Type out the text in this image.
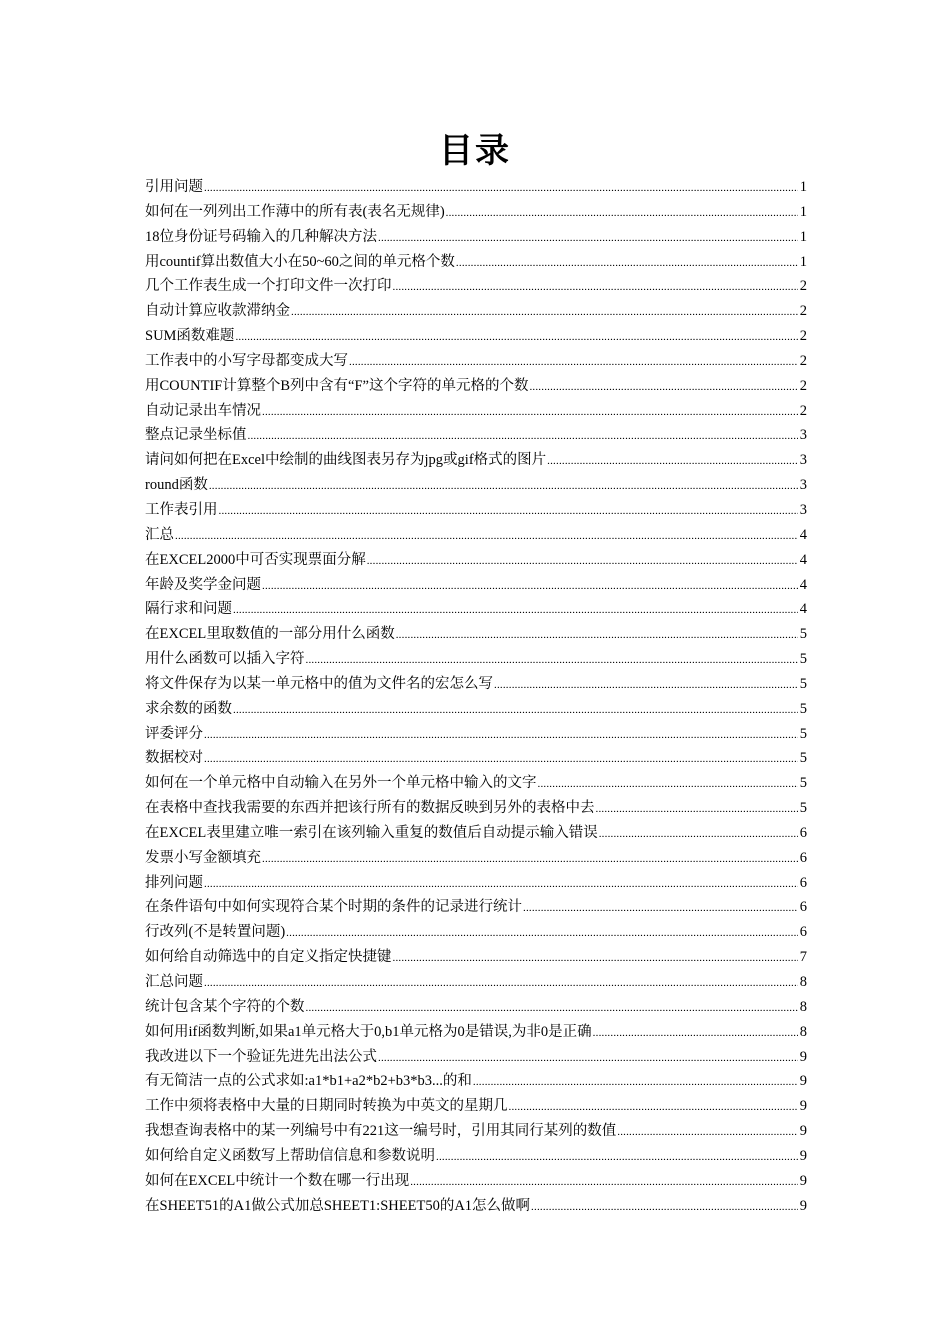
目录
引用问题 .....	1
如何在一列列出工作薄中的所有表(表名无规律) .....	1
18位身份证号码输入的几种解决方法 .....	1
用countif算出数值大小在50~60之间的单元格个数 .....	1
几个工作表生成一个打印文件一次打印 .....	2
自动计算应收款滞纳金 .....	2
SUM函数难题 .....	2
工作表中的小写字母都变成大写 .....	2
用COUNTIF计算整个B列中含有“F”这个字符的单元格的个数 .....	2
自动记录出车情况 .....	2
整点记录坐标值 .....	3
请问如何把在Excel中绘制的曲线图表另存为jpg或gif格式的图片 .....	3
round函数 .....	3
工作表引用 .....	3
汇总 .....	4
在EXCEL2000中可否实现票面分解 .....	4
年龄及奖学金问题 .....	4
隔行求和问题 .....	4
在EXCEL里取数值的一部分用什么函数 .....	5
用什么函数可以插入字符 .....	5
将文件保存为以某一单元格中的值为文件名的宏怎么写 .....	5
求余数的函数 .....	5
评委评分 .....	5
数据校对 .....	5
如何在一个单元格中自动输入在另外一个单元格中输入的文字 .....	5
在表格中查找我需要的东西并把该行所有的数据反映到另外的表格中去 .....	5
在EXCEL表里建立唯一索引在该列输入重复的数值后自动提示输入错误 .....	6
发票小写金额填充 .....	6
排列问题 .....	6
在条件语句中如何实现符合某个时期的条件的记录进行统计 .....	6
行改列(不是转置问题) .....	6
如何给自动筛选中的自定义指定快捷键 .....	7
汇总问题 .....	8
统计包含某个字符的个数 .....	8
如何用if函数判断,如果a1单元格大于0,b1单元格为0是错误,为非0是正确 .....	8
我改进以下一个验证先进先出法公式 .....	9
有无简洁一点的公式求如:a1*b1+a2*b2+b3*b3...的和 .....	9
工作中须将表格中大量的日期同时转换为中英文的星期几 .....	9
我想查询表格中的某一列编号中有221这一编号时，引用其同行某列的数值 .....	9
如何给自定义函数写上帮助信信息和参数说明 .....	9
如何在EXCEL中统计一个数在哪一行出现 .....	9
在SHEET51的A1做公式加总SHEET1:SHEET50的A1怎么做啊 .....	9
